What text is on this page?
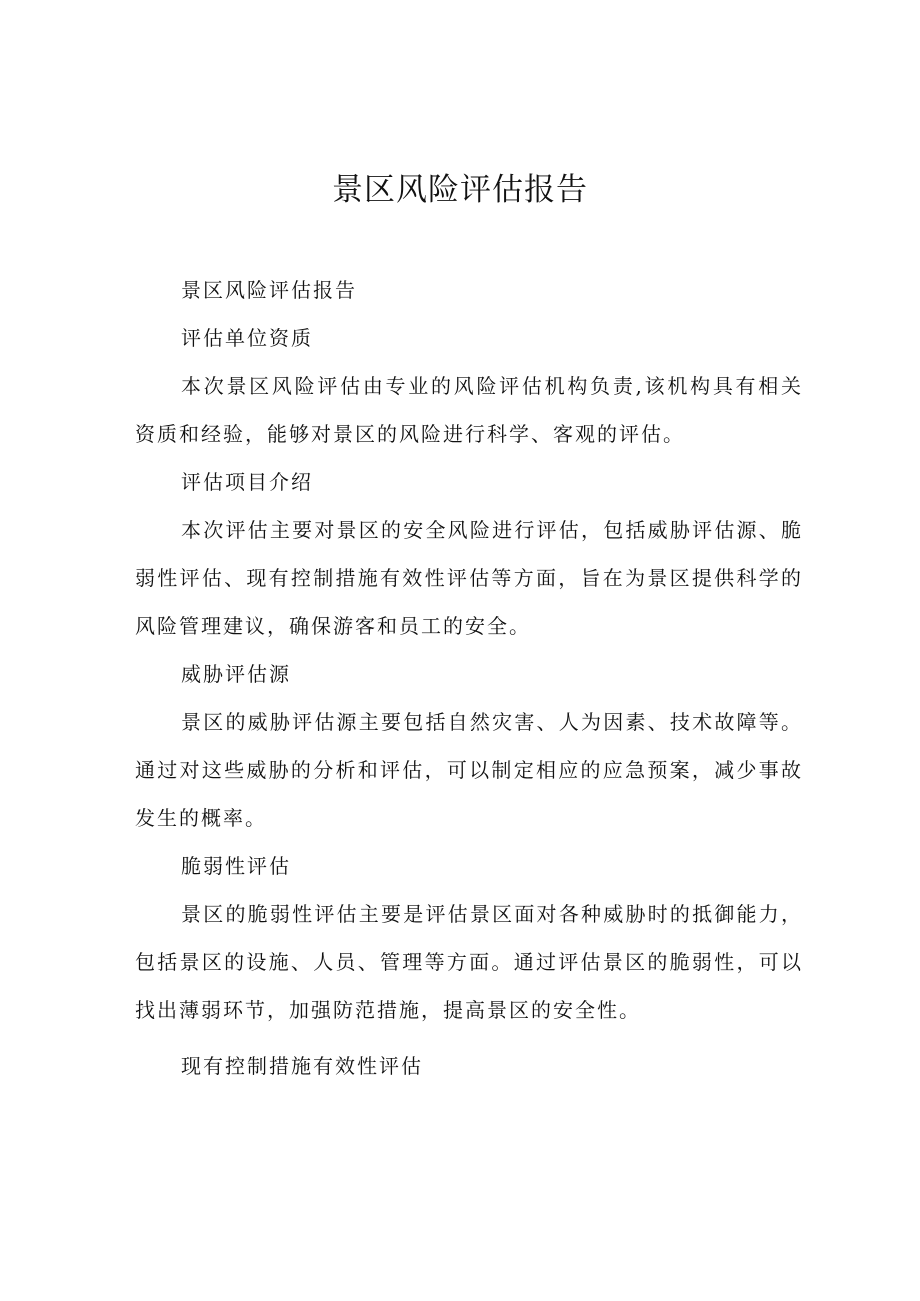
景区风险评估报告

景区风险评估报告

评估单位资质

本次景区风险评估由专业的风险评估机构负责,该机构具有相关资质和经验，能够对景区的风险进行科学、客观的评估。

评估项目介绍

本次评估主要对景区的安全风险进行评估，包括威胁评估源、脆弱性评估、现有控制措施有效性评估等方面，旨在为景区提供科学的风险管理建议，确保游客和员工的安全。

威胁评估源

景区的威胁评估源主要包括自然灾害、人为因素、技术故障等。通过对这些威胁的分析和评估，可以制定相应的应急预案，减少事故发生的概率。

脆弱性评估

景区的脆弱性评估主要是评估景区面对各种威胁时的抵御能力，包括景区的设施、人员、管理等方面。通过评估景区的脆弱性，可以找出薄弱环节，加强防范措施，提高景区的安全性。

现有控制措施有效性评估
